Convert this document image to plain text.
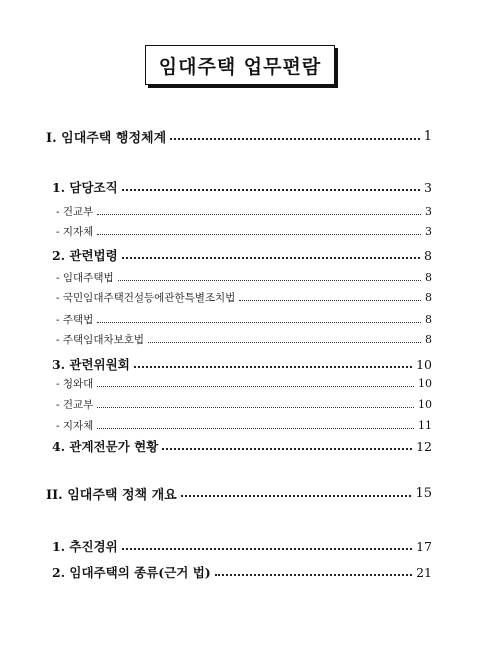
임대주택 업무편람
I. 임대주택 행정체계	1
1. 담당조직	3
- 건교부	3
- 지자체	3
2. 관련법령	8
- 임대주택법	8
- 국민임대주택건설등에관한특별조치법	8
- 주택법	8
- 주택임대차보호법	8
3. 관련위원회	10
- 청와대	10
- 건교부	10
- 지자체	11
4. 관계전문가 현황	12
II. 임대주택 정책 개요	15
1. 추진경위	17
2. 임대주택의 종류(근거 법)	21
